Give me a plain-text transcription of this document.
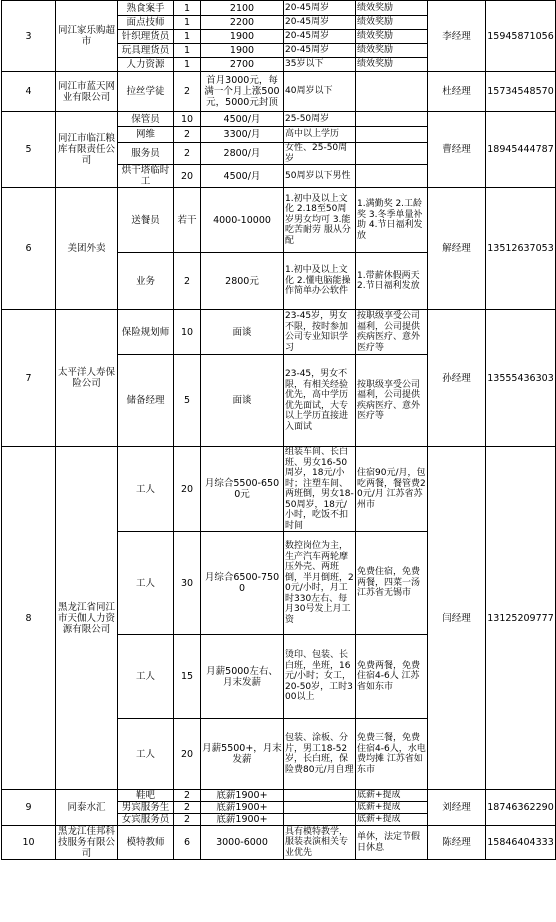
3	同江家乐购超市	熟食案手	1	2100	20-45周岁	绩效奖励	李经理	15945871056
		面点技师	1	2200	20-45周岁	绩效奖励		
		针织理货员	1	1900	20-45周岁	绩效奖励		
		玩具理货员	1	1900	20-45周岁	绩效奖励		
		人力资源	1	2700	35岁以下	绩效奖励		
4	同江市蓝天网业有限公司	拉丝学徒	2	首月3000元，每满一个月上涨500元，5000元封顶	40周岁以下		杜经理	15734548570
5	同江市临江粮库有限责任公司	保管员	10	4500/月	25-50周岁		曹经理	18945444787
		网维	2	3300/月	高中以上学历			
		服务员	2	2800/月	女性、25-50周岁			
		烘干塔临时工	20	4500/月	50周岁以下男性			
6	美团外卖	送餐员	若干	4000-10000	1.初中及以上文化 2.18至50周岁男女均可 3.能吃苦耐劳 服从分配	1.满勤奖 2.工龄奖 3.冬季单量补助 4.节日福利发放	解经理	13512637053
		业务	2	2800元	1.初中及以上文化 2.懂电脑能操作简单办公软件	1.带薪休假两天 2.节日福利发放		
7	太平洋人寿保险公司	保险规划师	10	面谈	23-45岁，男女不限，按时参加公司专业知识学习	按职级享受公司福利，公司提供疾病医疗、意外医疗等	孙经理	13555436303
		储备经理	5	面谈	23-45，男女不限，有相关经验优先，高中学历优先面试，大专以上学历直接进入面试	按职级享受公司福利，公司提供疾病医疗、意外医疗等		
8	黑龙江省同江市天伽人力资源有限公司	工人	20	月综合5500-6500元	组装车间、长白班、男女16-50周岁，18元/小时；注塑车间、两班倒，男女18-50周岁，18元/小时，吃饭不扣时间	住宿90元/月，包吃两餐，餐管费20元/月 江苏省苏州市	闫经理	13125209777
		工人	30	月综合6500-7500	数控岗位为主，生产汽车两轮摩压外壳、两班倒，半月倒班，20元/小时，月工时330左右、每月30号发上月工资	免费住宿，免费两餐，四菜一汤 江苏省无锡市		
		工人	15	月薪5000左右、月末发薪	烫印、包装、长白班，坐班，16元/小时；女工，20-50岁，工时300以上	免费两餐，免费住宿4-6人 江苏省如东市		
		工人	20	月薪5500+，月末发薪	包装、涂板、分片，男工18-52岁，长白班，保险费80元/月自理	免费三餐，免费住宿4-6人，水电费均摊 江苏省如东市		
9	同泰水汇	鞋吧	2	底薪1900+		底薪+提成	刘经理	18746362290
		男宾服务生	2	底薪1900+		底薪+提成		
		女宾服务员	2	底薪1900+		底薪+提成		
10	黑龙江佳邦科技服务有限公司	模特教师	6	3000-6000	具有模特教学，服装表演相关专业优先	单休，法定节假日休息	陈经理	15846404333
